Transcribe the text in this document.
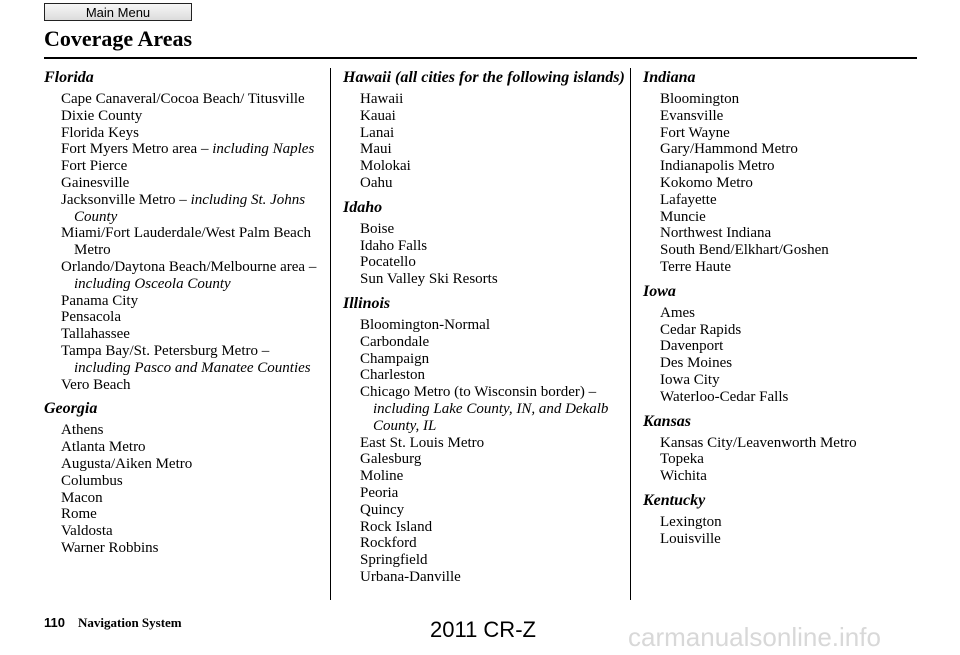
Main Menu
Coverage Areas
Florida
Cape Canaveral/Cocoa Beach/ Titusville
Dixie County
Florida Keys
Fort Myers Metro area – including Naples
Fort Pierce
Gainesville
Jacksonville Metro – including St. Johns County
Miami/Fort Lauderdale/West Palm Beach Metro
Orlando/Daytona Beach/Melbourne area – including Osceola County
Panama City
Pensacola
Tallahassee
Tampa Bay/St. Petersburg Metro – including Pasco and Manatee Counties
Vero Beach
Georgia
Athens
Atlanta Metro
Augusta/Aiken Metro
Columbus
Macon
Rome
Valdosta
Warner Robbins
Hawaii (all cities for the following islands)
Hawaii
Kauai
Lanai
Maui
Molokai
Oahu
Idaho
Boise
Idaho Falls
Pocatello
Sun Valley Ski Resorts
Illinois
Bloomington-Normal
Carbondale
Champaign
Charleston
Chicago Metro (to Wisconsin border) – including Lake County, IN, and Dekalb County, IL
East St. Louis Metro
Galesburg
Moline
Peoria
Quincy
Rock Island
Rockford
Springfield
Urbana-Danville
Indiana
Bloomington
Evansville
Fort Wayne
Gary/Hammond Metro
Indianapolis Metro
Kokomo Metro
Lafayette
Muncie
Northwest Indiana
South Bend/Elkhart/Goshen
Terre Haute
Iowa
Ames
Cedar Rapids
Davenport
Des Moines
Iowa City
Waterloo-Cedar Falls
Kansas
Kansas City/Leavenworth Metro
Topeka
Wichita
Kentucky
Lexington
Louisville
110 Navigation System	2011 CR-Z	carmanualsonline.info
